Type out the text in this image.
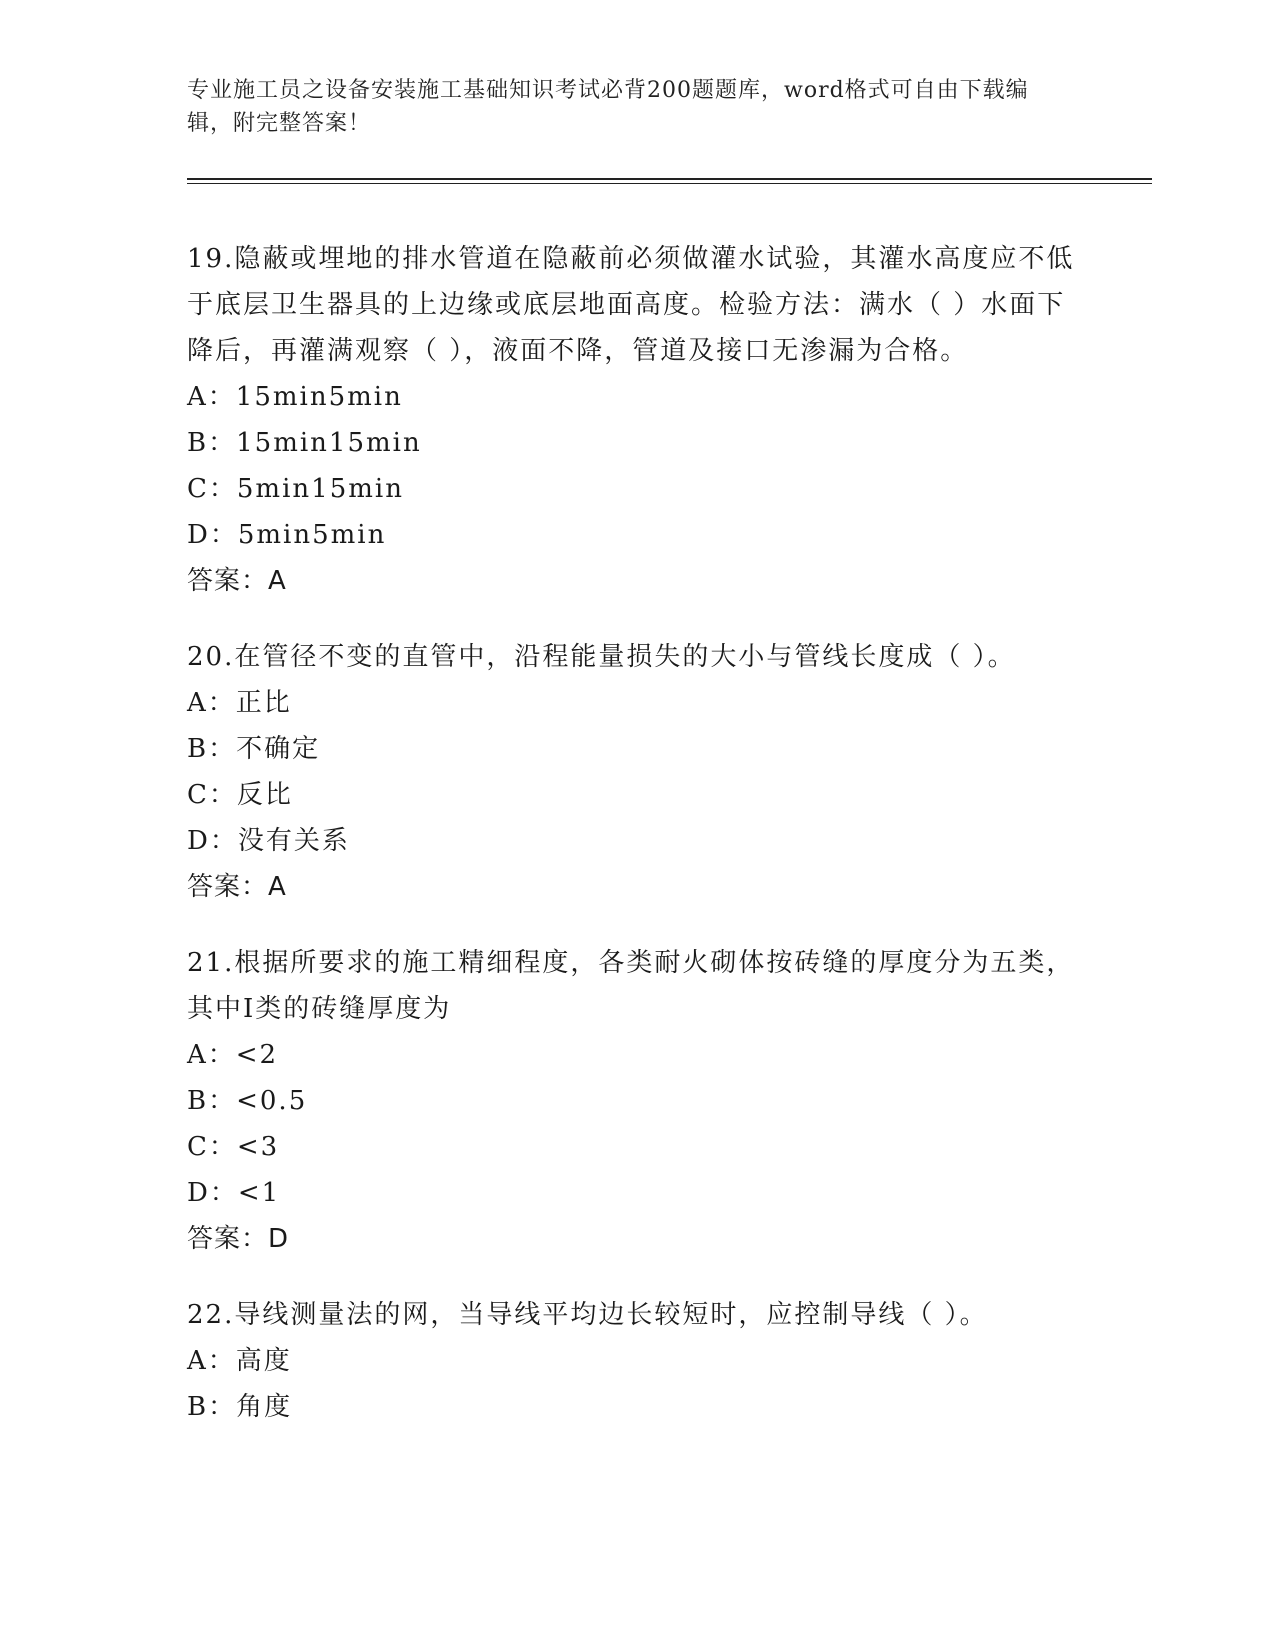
专业施工员之设备安装施工基础知识考试必背200题题库，word格式可自由下载编辑，附完整答案！

19.隐蔽或埋地的排水管道在隐蔽前必须做灌水试验，其灌水高度应不低于底层卫生器具的上边缘或底层地面高度。检验方法：满水（ ）水面下降后，再灌满观察（ ），液面不降，管道及接口无渗漏为合格。

A：15min5min

B：15min15min

C：5min15min

D：5min5min

答案：A

20.在管径不变的直管中，沿程能量损失的大小与管线长度成（ ）。

A：正比

B：不确定

C：反比

D：没有关系

答案：A

21.根据所要求的施工精细程度，各类耐火砌体按砖缝的厚度分为五类，其中Ⅰ类的砖缝厚度为

A：<2

B：<0.5

C：<3

D：<1

答案：D

22.导线测量法的网，当导线平均边长较短时，应控制导线（ ）。

A：高度

B：角度
